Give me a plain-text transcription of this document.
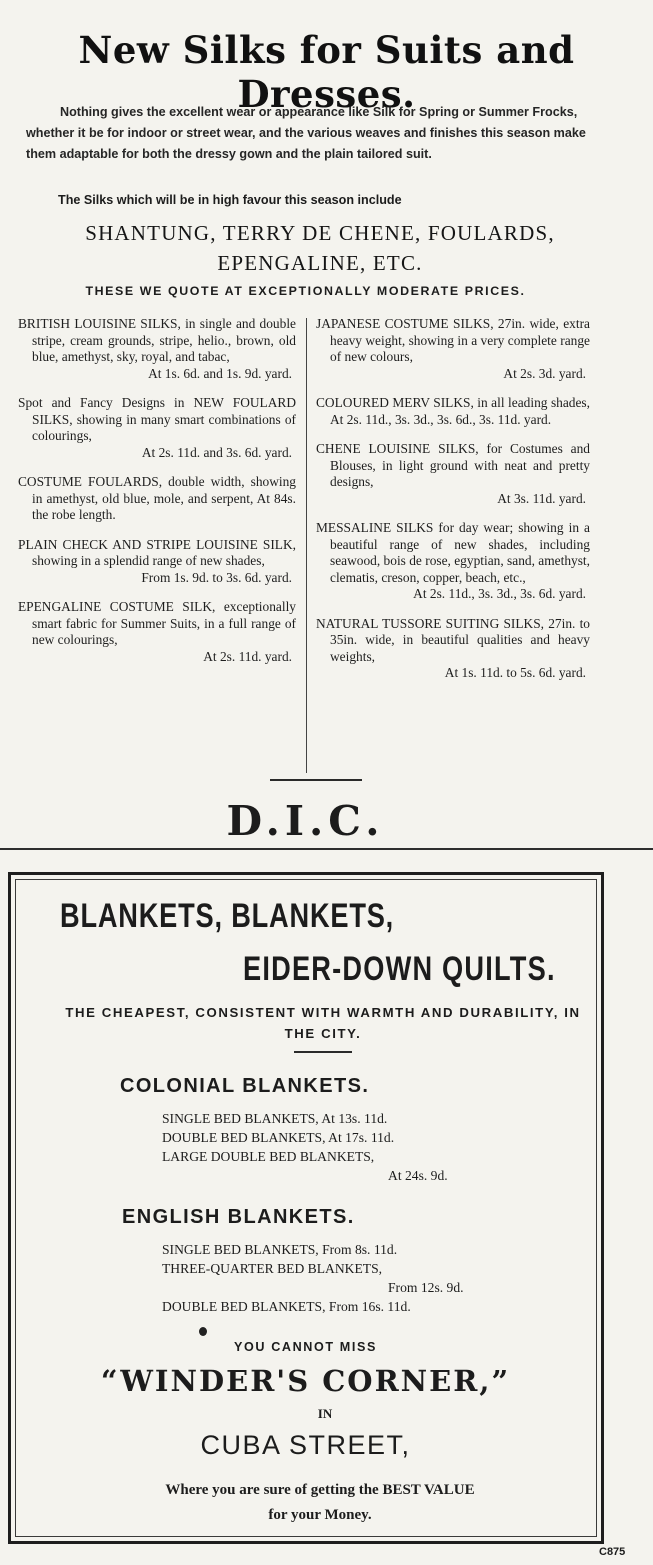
New Silks for Suits and Dresses.
Nothing gives the excellent wear or appearance like Silk for Spring or Summer Frocks, whether it be for indoor or street wear, and the various weaves and finishes this season make them adaptable for both the dressy gown and the plain tailored suit.
The Silks which will be in high favour this season include
SHANTUNG, TERRY DE CHENE, FOULARDS,
EPENGALINE, ETC.
THESE WE QUOTE AT EXCEPTIONALLY MODERATE PRICES.
BRITISH LOUISINE SILKS, in single and double stripe, cream grounds, stripe, helio., brown, old blue, amethyst, sky, royal, and tabac,
At 1s. 6d. and 1s. 9d. yard.
Spot and Fancy Designs in NEW FOULARD SILKS, showing in many smart combinations of colourings,
At 2s. 11d. and 3s. 6d. yard.
COSTUME FOULARDS, double width, showing in amethyst, old blue, mole, and serpent, At 84s. the robe length.
PLAIN CHECK AND STRIPE LOUISINE SILK, showing in a splendid range of new shades,
From 1s. 9d. to 3s. 6d. yard.
EPENGALINE COSTUME SILK, exceptionally smart fabric for Summer Suits, in a full range of new colourings,
At 2s. 11d. yard.
JAPANESE COSTUME SILKS, 27in. wide, extra heavy weight, showing in a very complete range of new colours,
At 2s. 3d. yard.
COLOURED MERV SILKS, in all leading shades, At 2s. 11d., 3s. 3d., 3s. 6d., 3s. 11d. yard.
CHENE LOUISINE SILKS, for Costumes and Blouses, in light ground with neat and pretty designs,
At 3s. 11d. yard.
MESSALINE SILKS for day wear; showing in a beautiful range of new shades, including seawood, bois de rose, egyptian, sand, amethyst, clematis, creson, copper, beach, etc.,
At 2s. 11d., 3s. 3d., 3s. 6d. yard.
NATURAL TUSSORE SUITING SILKS, 27in. to 35in. wide, in beautiful qualities and heavy weights,
At 1s. 11d. to 5s. 6d. yard.
D.I.C.
BLANKETS, BLANKETS,
EIDER-DOWN QUILTS.
THE CHEAPEST, CONSISTENT WITH WARMTH AND DURABILITY, IN THE CITY.
COLONIAL BLANKETS.
SINGLE BED BLANKETS, At 13s. 11d.
DOUBLE BED BLANKETS, At 17s. 11d.
LARGE DOUBLE BED BLANKETS,
At 24s. 9d.
ENGLISH BLANKETS.
SINGLE BED BLANKETS, From 8s. 11d.
THREE-QUARTER BED BLANKETS,
From 12s. 9d.
DOUBLE BED BLANKETS, From 16s. 11d.
YOU CANNOT MISS
“WINDER'S CORNER,”
IN
CUBA STREET,
Where you are sure of getting the BEST VALUE
for your Money.
C875
